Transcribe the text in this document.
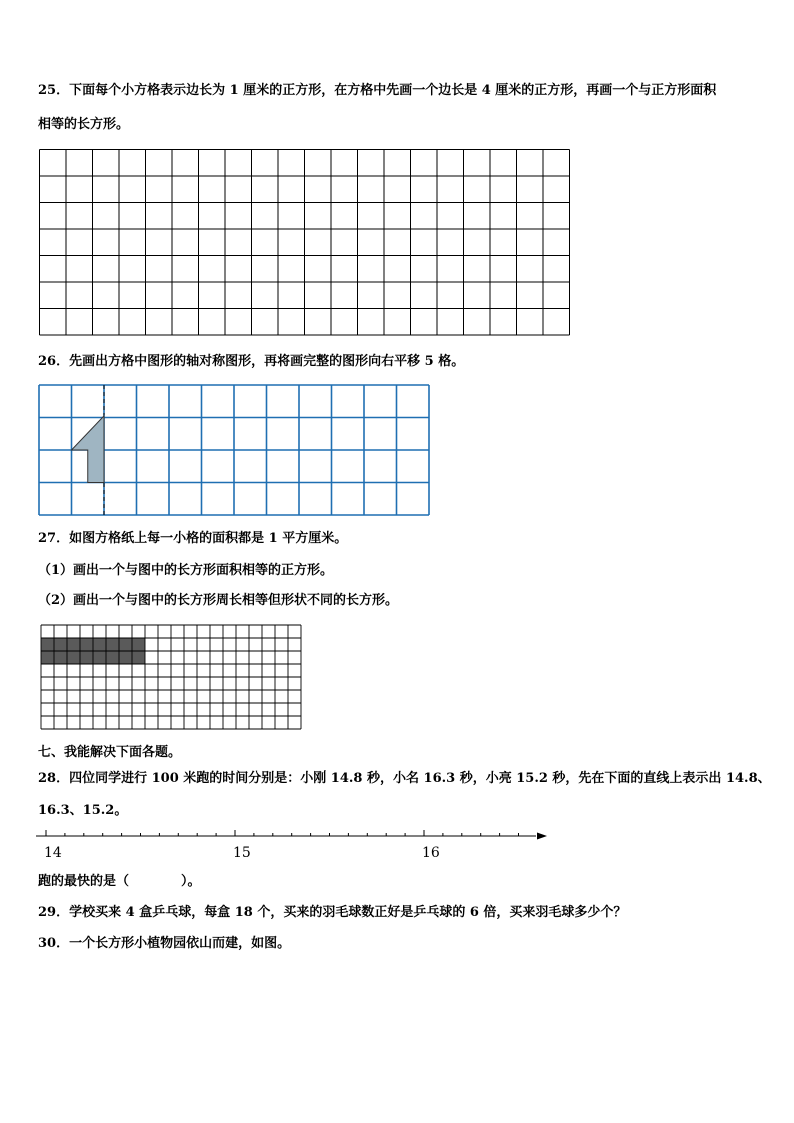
25．下面每个小方格表示边长为 1 厘米的正方形，在方格中先画一个边长是 4 厘米的正方形，再画一个与正方形面积
相等的长方形。
26．先画出方格中图形的轴对称图形，再将画完整的图形向右平移 5 格。
27．如图方格纸上每一小格的面积都是 1 平方厘米。
（1）画出一个与图中的长方形面积相等的正方形。
（2）画出一个与图中的长方形周长相等但形状不同的长方形。
七、我能解决下面各题。
28．四位同学进行 100 米跑的时间分别是：小刚 14.8 秒，小名 16.3 秒，小亮 15.2 秒，先在下面的直线上表示出 14.8、
16.3、15.2。
14	15	16
跑的最快的是（　　　　）。
29．学校买来 4 盒乒乓球，每盒 18 个，买来的羽毛球数正好是乒乓球的 6 倍，买来羽毛球多少个？
30．一个长方形小植物园依山而建，如图。
